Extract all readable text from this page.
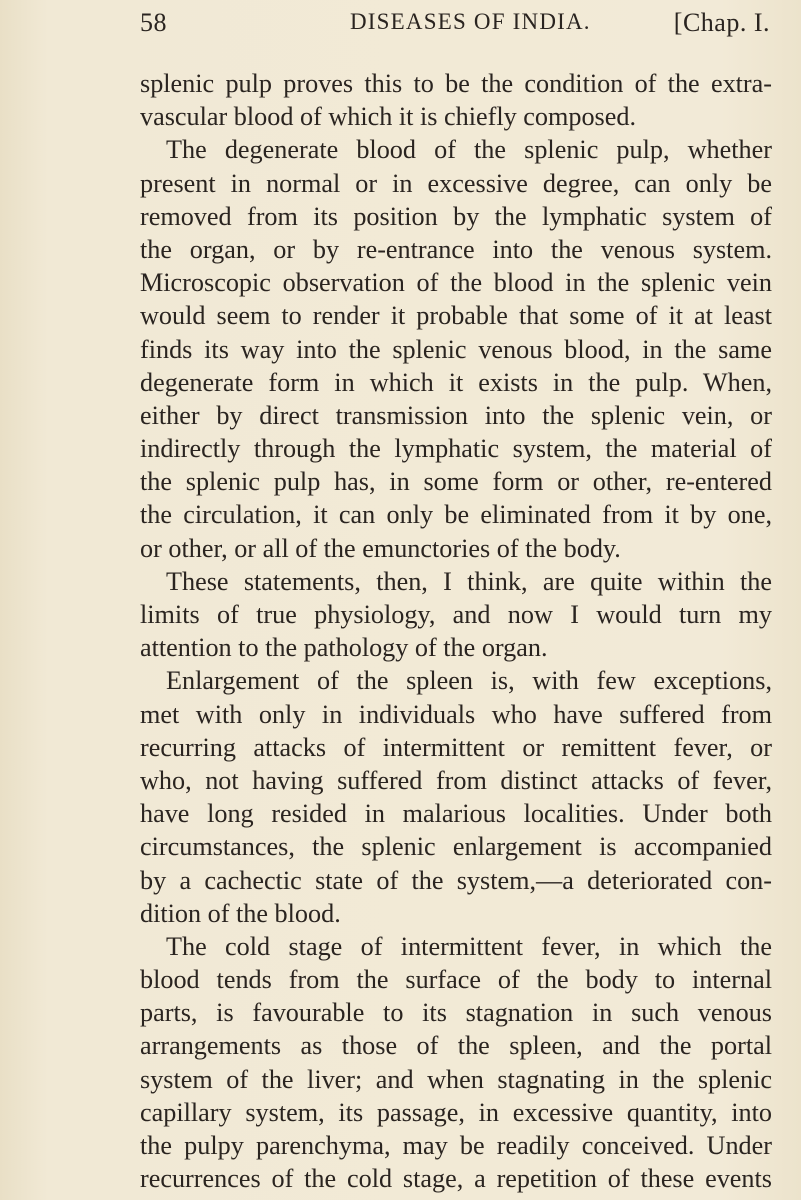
58	DISEASES OF INDIA.	[Chap. I.
splenic pulp proves this to be the condition of the extra-
vascular blood of which it is chiefly composed.
The degenerate blood of the splenic pulp, whether
present in normal or in excessive degree, can only be
removed from its position by the lymphatic system of
the organ, or by re-entrance into the venous system.
Microscopic observation of the blood in the splenic vein
would seem to render it probable that some of it at least
finds its way into the splenic venous blood, in the same
degenerate form in which it exists in the pulp. When,
either by direct transmission into the splenic vein, or
indirectly through the lymphatic system, the material of
the splenic pulp has, in some form or other, re-entered
the circulation, it can only be eliminated from it by one,
or other, or all of the emunctories of the body.
These statements, then, I think, are quite within the
limits of true physiology, and now I would turn my
attention to the pathology of the organ.
Enlargement of the spleen is, with few exceptions,
met with only in individuals who have suffered from
recurring attacks of intermittent or remittent fever, or
who, not having suffered from distinct attacks of fever,
have long resided in malarious localities. Under both
circumstances, the splenic enlargement is accompanied
by a cachectic state of the system,—a deteriorated con-
dition of the blood.
The cold stage of intermittent fever, in which the
blood tends from the surface of the body to internal
parts, is favourable to its stagnation in such venous
arrangements as those of the spleen, and the portal
system of the liver; and when stagnating in the splenic
capillary system, its passage, in excessive quantity, into
the pulpy parenchyma, may be readily conceived. Under
recurrences of the cold stage, a repetition of these events
